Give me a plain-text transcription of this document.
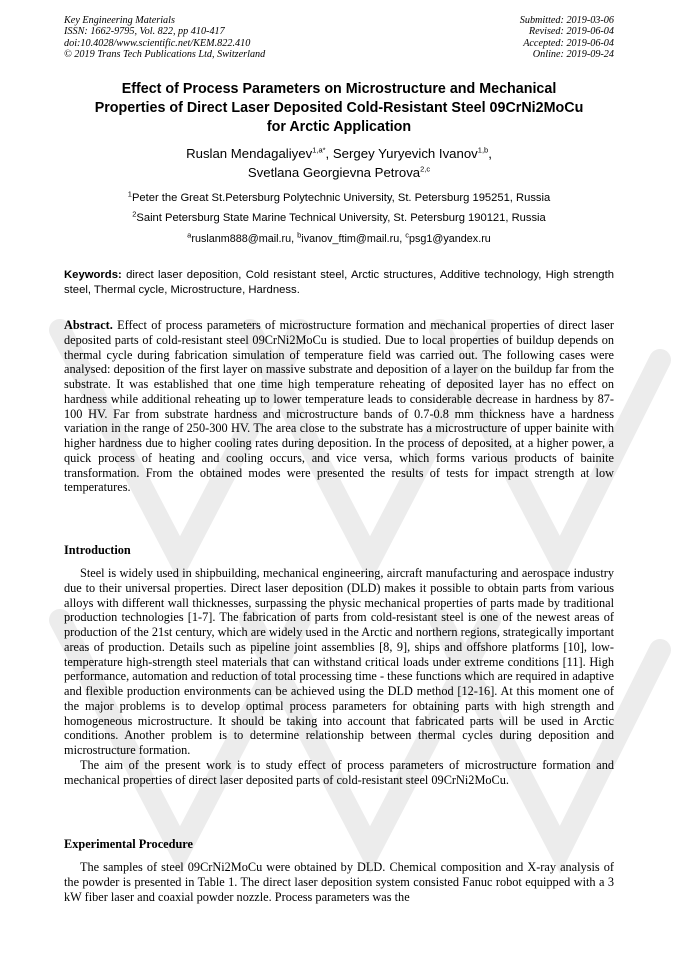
Key Engineering Materials
ISSN: 1662-9795, Vol. 822, pp 410-417
doi:10.4028/www.scientific.net/KEM.822.410
© 2019 Trans Tech Publications Ltd, Switzerland
Submitted: 2019-03-06
Revised: 2019-06-04
Accepted: 2019-06-04
Online: 2019-09-24
Effect of Process Parameters on Microstructure and Mechanical
Properties of Direct Laser Deposited Cold-Resistant Steel 09CrNi2MoCu
for Arctic Application
Ruslan Mendagaliyev$^{1,a*}$, Sergey Yuryevich Ivanov$^{1,b}$,
Svetlana Georgievna Petrova$^{2,c}$
$^1$Peter the Great St.Petersburg Polytechnic University, St. Petersburg 195251, Russia
$^2$Saint Petersburg State Marine Technical University, St. Petersburg 190121, Russia
$^a$ruslanm888@mail.ru, $^b$ivanov_ftim@mail.ru, $^c$psg1@yandex.ru
Keywords: direct laser deposition, Cold resistant steel, Arctic structures, Additive technology, High strength steel, Thermal cycle, Microstructure, Hardness.

Abstract. Effect of process parameters of microstructure formation and mechanical properties of direct laser deposited parts of cold-resistant steel 09CrNi2MoCu is studied. Due to local properties of buildup depends on thermal cycle during fabrication simulation of temperature field was carried out. The following cases were analysed: deposition of the first layer on massive substrate and deposition of a layer on the buildup far from the substrate. It was established that one time high temperature reheating of deposited layer has no effect on hardness while additional reheating up to lower temperature leads to considerable decrease in hardness by 87-100 HV. Far from substrate hardness and microstructure bands of 0.7-0.8 mm thickness have a hardness variation in the range of 250-300 HV. The area close to the substrate has a microstructure of upper bainite with higher hardness due to higher cooling rates during deposition. In the process of deposited, at a higher power, a quick process of heating and cooling occurs, and vice versa, which forms various products of bainite transformation. From the obtained modes were presented the results of tests for impact strength at low temperatures.

Introduction

Steel is widely used in shipbuilding, mechanical engineering, aircraft manufacturing and aerospace industry due to their universal properties. Direct laser deposition (DLD) makes it possible to obtain parts from various alloys with different wall thicknesses, surpassing the physic mechanical properties of parts made by traditional production technologies [1-7]. The fabrication of parts from cold-resistant steel is one of the newest areas of production of the 21st century, which are widely used in the Arctic and northern regions, strategically important areas of production. Details such as pipeline joint assemblies [8, 9], ships and offshore platforms [10], low-temperature high-strength steel materials that can withstand critical loads under extreme conditions [11]. High performance, automation and reduction of total processing time - these functions which are required in adaptive and flexible production environments can be achieved using the DLD method [12-16]. At this moment one of the major problems is to develop optimal process parameters for obtaining parts with high strength and homogeneous microstructure. It should be taking into account that fabricated parts will be used in Arctic conditions. Another problem is to determine relationship between thermal cycles during deposition and microstructure formation.

The aim of the present work is to study effect of process parameters of microstructure formation and mechanical properties of direct laser deposited parts of cold-resistant steel 09CrNi2MoCu.

Experimental Procedure

The samples of steel 09CrNi2MoCu were obtained by DLD. Chemical composition and X-ray analysis of the powder is presented in Table 1. The direct laser deposition system consisted Fanuc robot equipped with a 3 kW fiber laser and coaxial powder nozzle. Process parameters was the
